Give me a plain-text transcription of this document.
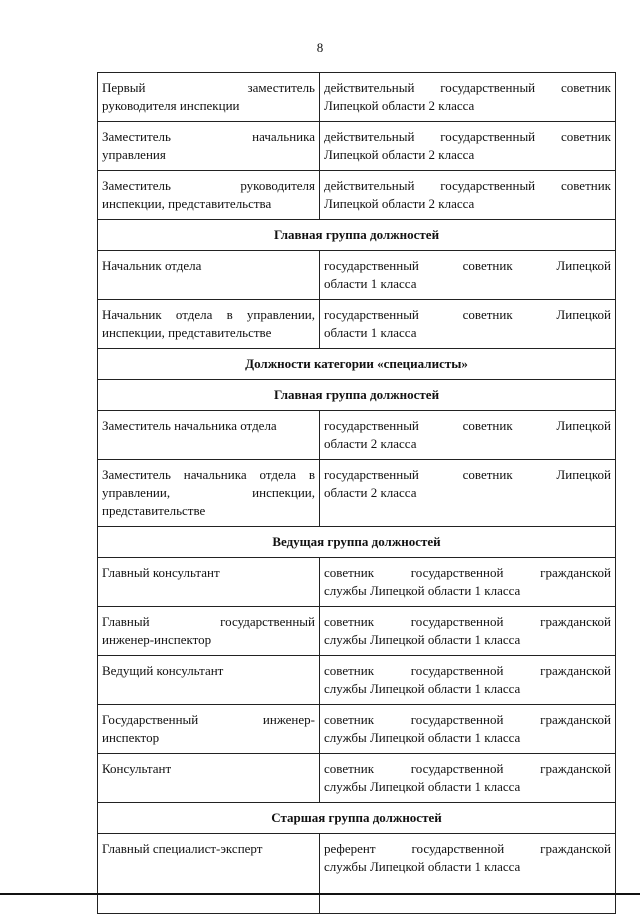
8
Первый заместитель
руководителя инспекции	действительный государственный советник
Липецкой области 2 класса

Заместитель начальника
управления	действительный государственный советник
Липецкой области 2 класса

Заместитель руководителя
инспекции, представительства	действительный государственный советник
Липецкой области 2 класса

Главная группа должностей	

Начальник отдела	государственный советник Липецкой
области 1 класса

Начальник отдела в управлении,
инспекции, представительстве	государственный советник Липецкой
области 1 класса

Должности категории «специалисты»	
Главная группа должностей	

Заместитель начальника отдела	государственный советник Липецкой
области 2 класса

Заместитель начальника отдела в
управлении, инспекции,
представительстве	государственный советник Липецкой
области 2 класса

Ведущая группа должностей	

Главный консультант	советник государственной гражданской
службы Липецкой области 1 класса

Главный государственный
инженер-инспектор	советник государственной гражданской
службы Липецкой области 1 класса

Ведущий консультант	советник государственной гражданской
службы Липецкой области 1 класса

Государственный инженер-
инспектор	советник государственной гражданской
службы Липецкой области 1 класса

Консультант	советник государственной гражданской
службы Липецкой области 1 класса

Старшая группа должностей	

Главный специалист-эксперт	референт государственной гражданской
службы Липецкой области 1 класса
